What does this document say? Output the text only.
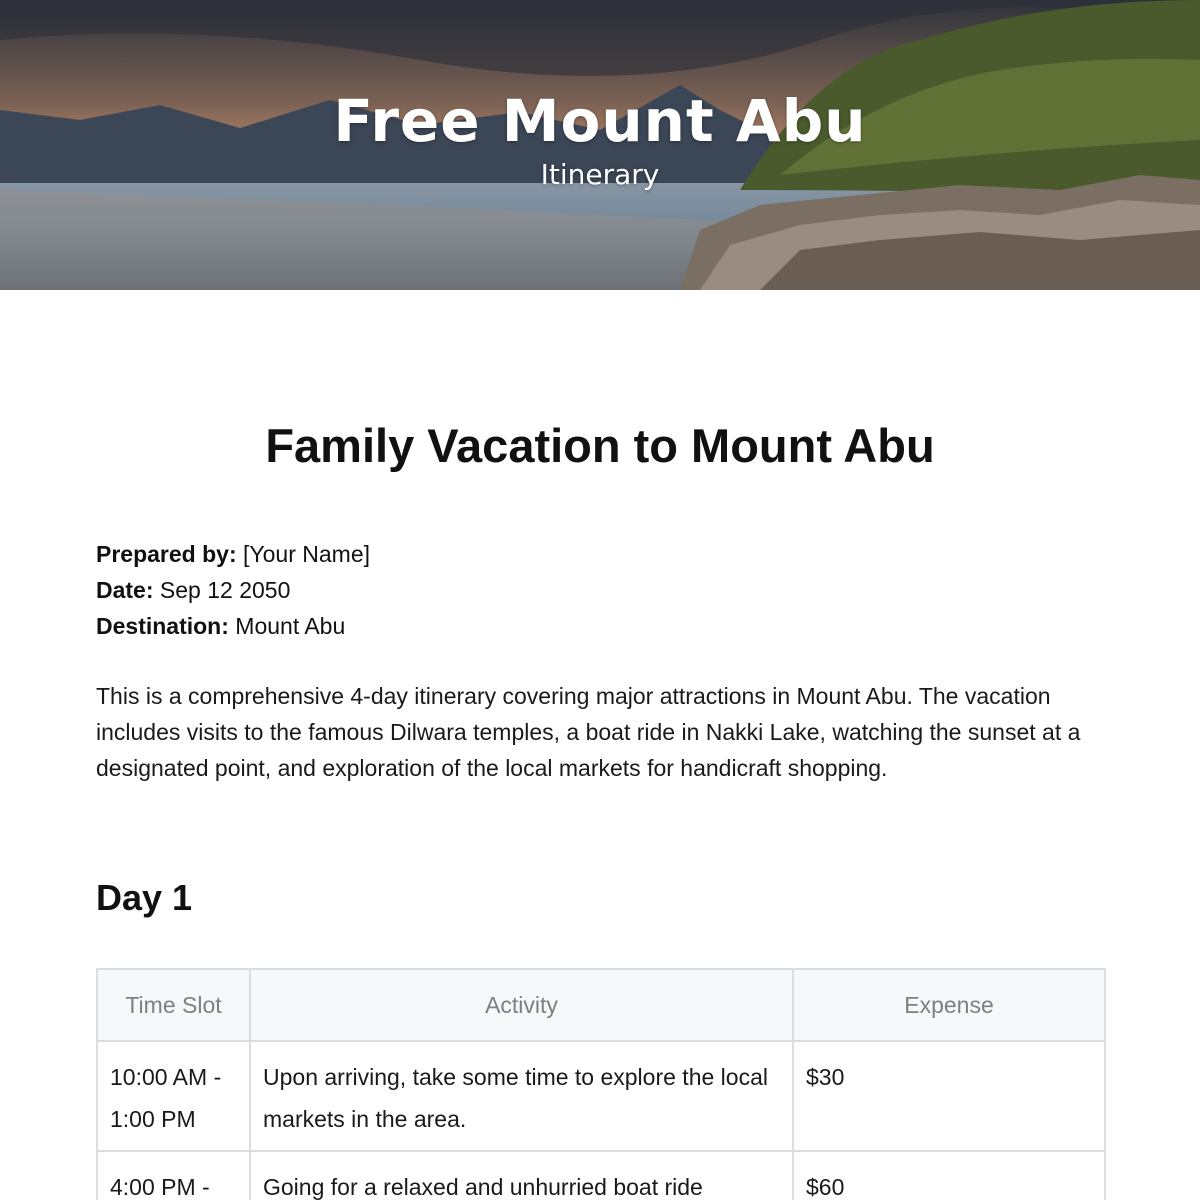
Free Mount Abu
Itinerary
Family Vacation to Mount Abu
Prepared by: [Your Name]
Date: Sep 12 2050
Destination: Mount Abu

This is a comprehensive 4-day itinerary covering major attractions in Mount Abu. The vacation includes visits to the famous Dilwara temples, a boat ride in Nakki Lake, watching the sunset at a designated point, and exploration of the local markets for handicraft shopping.

Day 1
Time Slot	Activity	Expense
10:00 AM - 1:00 PM	Upon arriving, take some time to explore the local markets in the area.	$30
4:00 PM -	Going for a relaxed and unhurried boat ride	$60
